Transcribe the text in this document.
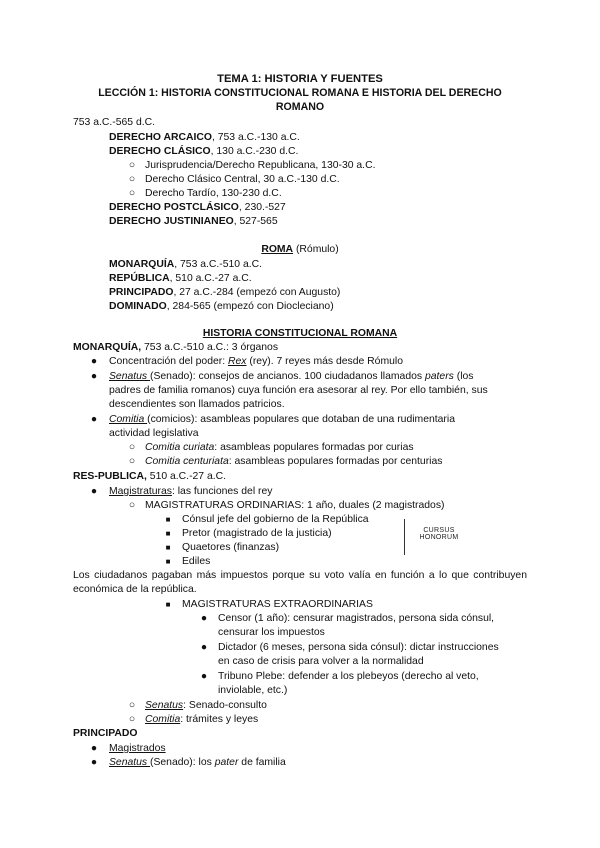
TEMA 1: HISTORIA Y FUENTES
LECCIÓN 1: HISTORIA CONSTITUCIONAL ROMANA E HISTORIA DEL DERECHO
ROMANO
753 a.C.-565 d.C.
DERECHO ARCAICO, 753 a.C.-130 a.C.
DERECHO CLÁSICO, 130 a.C.-230 d.C.
○ Jurisprudencia/Derecho Republicana, 130-30 a.C.
○ Derecho Clásico Central, 30 a.C.-130 d.C.
○ Derecho Tardío, 130-230 d.C.
DERECHO POSTCLÁSICO, 230.-527
DERECHO JUSTINIANEO, 527-565
ROMA (Rómulo)
MONARQUÍA, 753 a.C.-510 a.C.
REPÚBLICA, 510 a.C.-27 a.C.
PRINCIPADO, 27 a.C.-284 (empezó con Augusto)
DOMINADO, 284-565 (empezó con Diocleciano)
HISTORIA CONSTITUCIONAL ROMANA
MONARQUÍA, 753 a.C.-510 a.C.: 3 órganos
● Concentración del poder: Rex (rey). 7 reyes más desde Rómulo
● Senatus (Senado): consejos de ancianos. 100 ciudadanos llamados paters (los
padres de familia romanos) cuya función era asesorar al rey. Por ello también, sus
descendientes son llamados patricios.
● Comitia (comicios): asambleas populares que dotaban de una rudimentaria
actividad legislativa
○ Comitia curiata: asambleas populares formadas por curias
○ Comitia centuriata: asambleas populares formadas por centurias
RES-PUBLICA, 510 a.C.-27 a.C.
● Magistraturas: las funciones del rey
○ MAGISTRATURAS ORDINARIAS: 1 año, duales (2 magistrados)
■ Cónsul jefe del gobierno de la República
■ Pretor (magistrado de la justicia)
■ Quaetores (finanzas)
■ Ediles
CURSUS
HONORUM
Los ciudadanos pagaban más impuestos porque su voto valía en función a lo que contribuyen económica de la república.
■ MAGISTRATURAS EXTRAORDINARIAS
● Censor (1 año): censurar magistrados, persona sida cónsul,
censurar los impuestos
● Dictador (6 meses, persona sida cónsul): dictar instrucciones
en caso de crisis para volver a la normalidad
● Tribuno Plebe: defender a los plebeyos (derecho al veto,
inviolable, etc.)
○ Senatus: Senado-consulto
○ Comitia: trámites y leyes
PRINCIPADO
● Magistrados
● Senatus (Senado): los pater de familia
